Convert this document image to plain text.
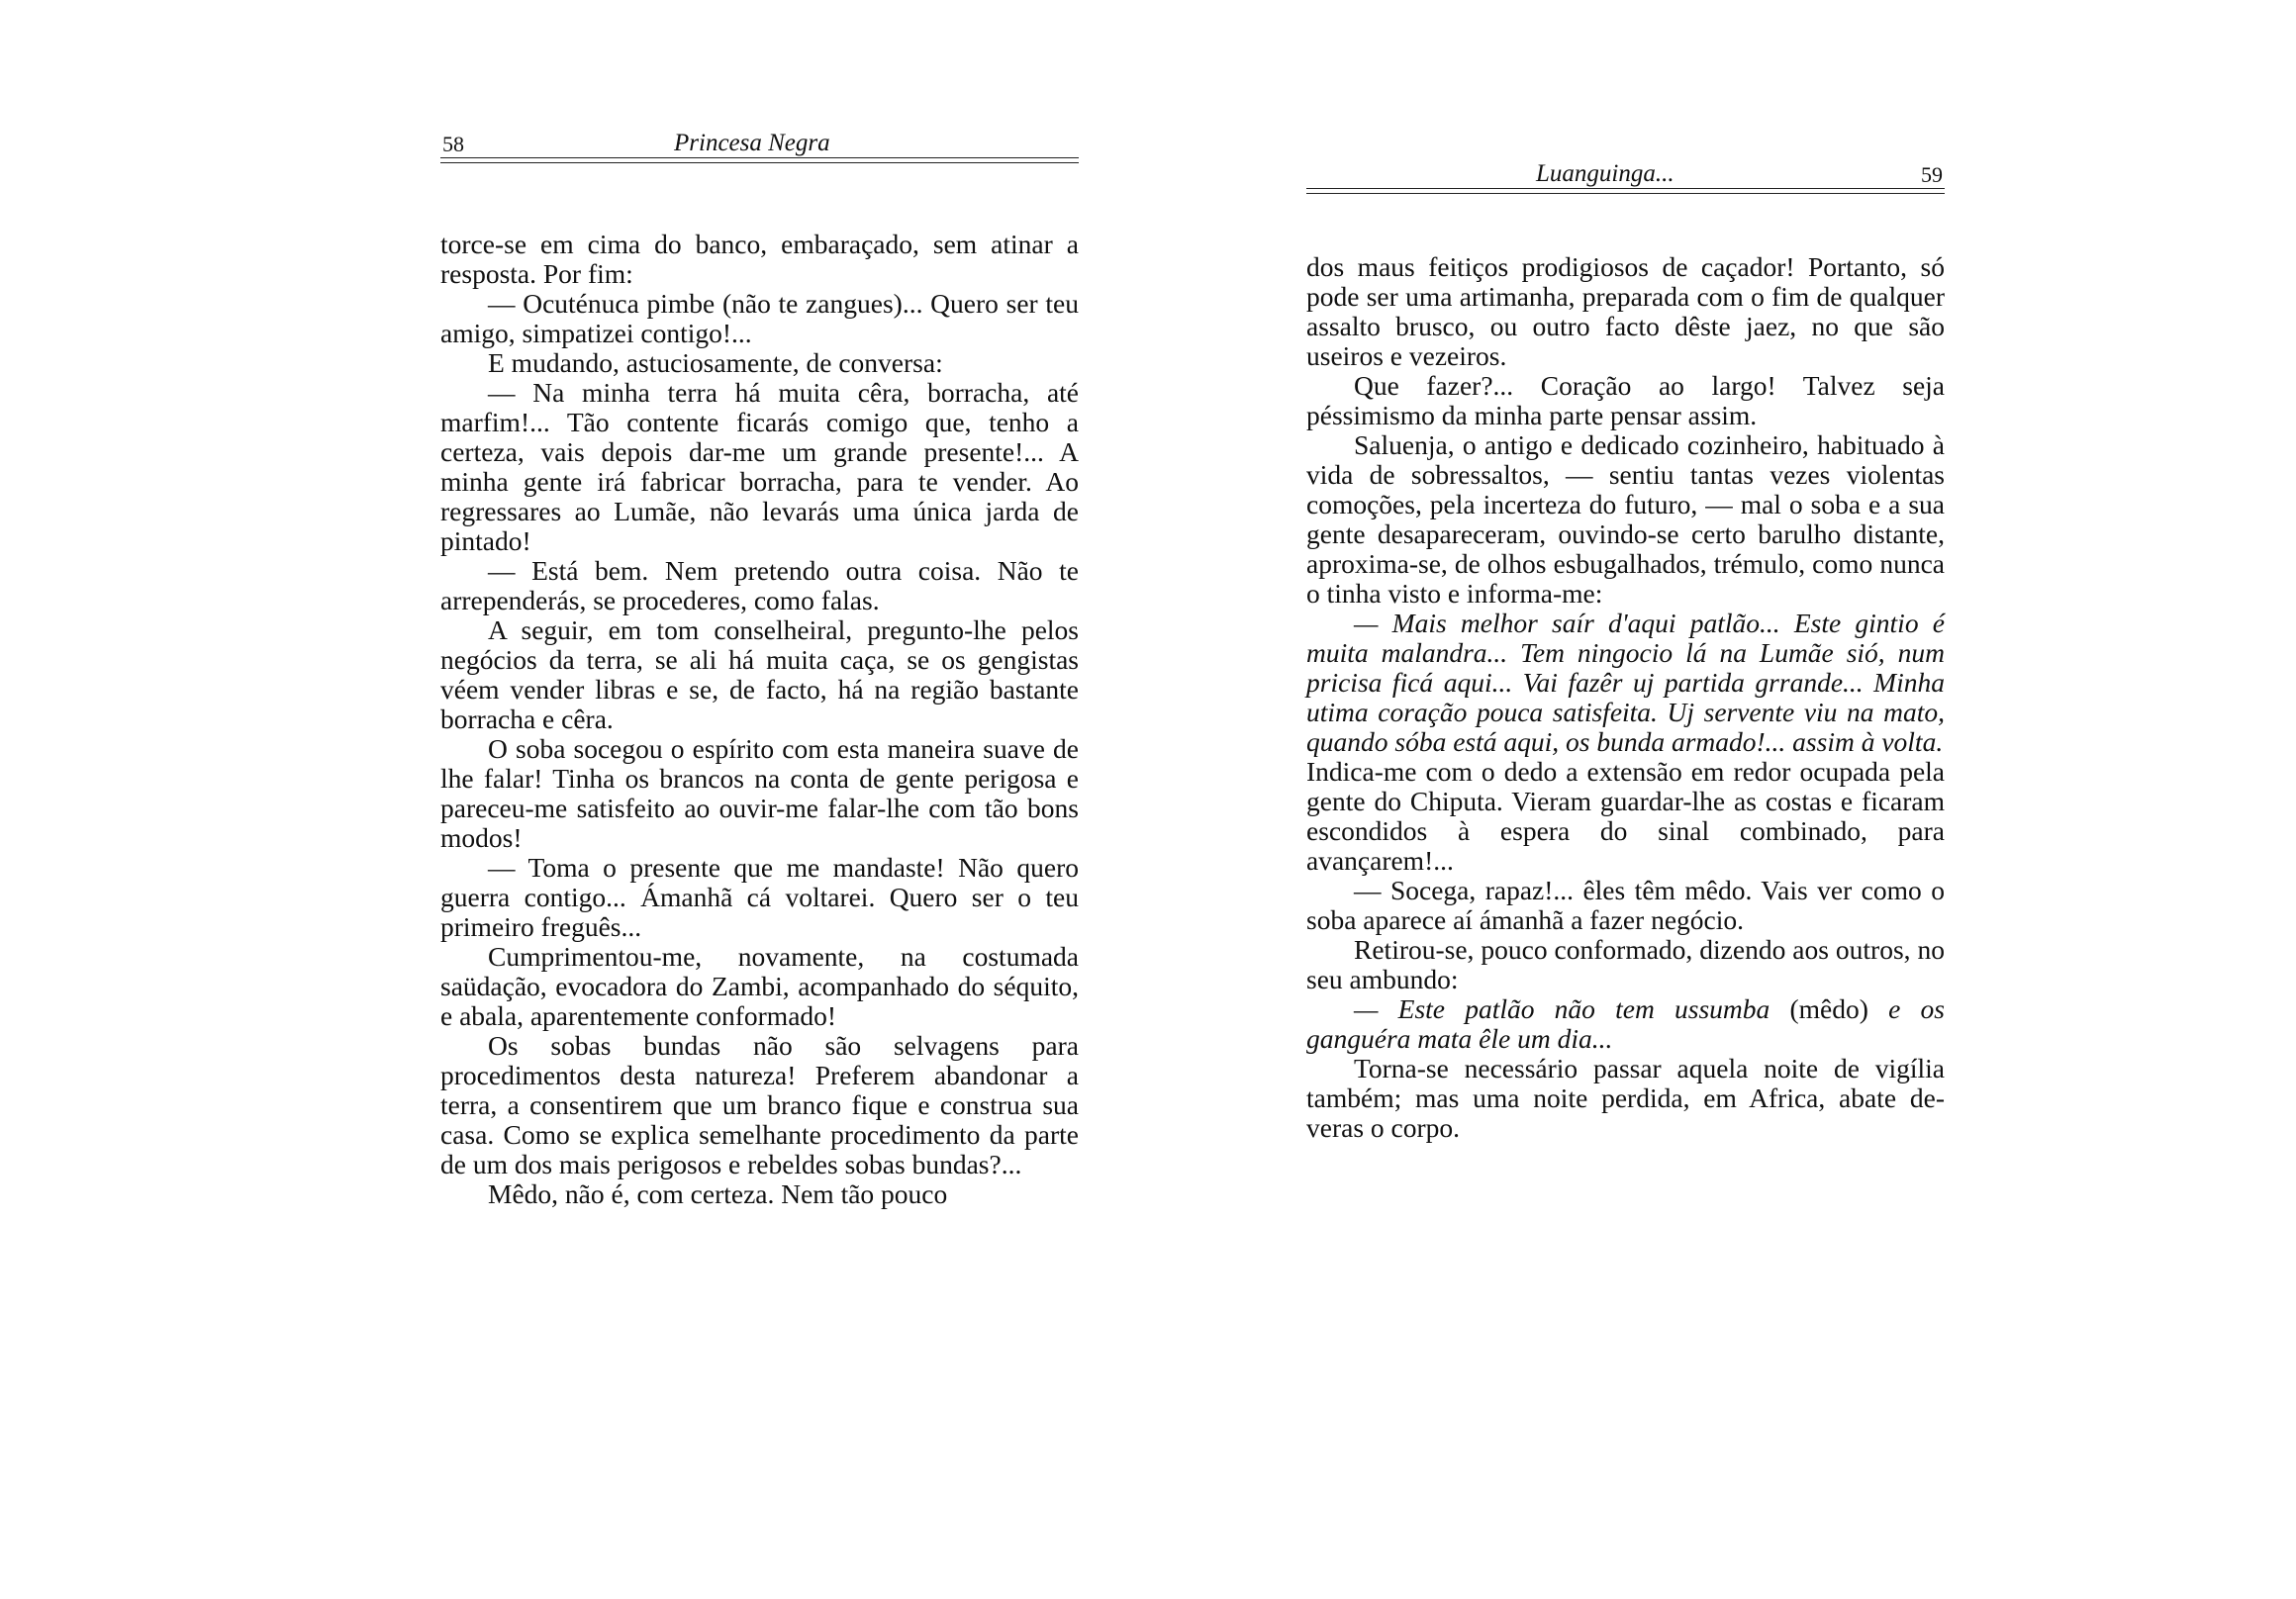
58	Princesa Negra

torce-se em cima do banco, embaraçado, sem atinar a resposta. Por fim:

— Ocuténuca pimbe (não te zangues)... Quero ser teu amigo, simpatizei contigo!...

E mudando, astuciosamente, de conversa:

— Na minha terra há muita cêra, borracha, até marfim!... Tão contente ficarás comigo que, tenho a certeza, vais depois dar-me um grande presente!... A minha gente irá fabricar borracha, para te vender. Ao regressares ao Lumãe, não levarás uma única jarda de pintado!

— Está bem. Nem pretendo outra coisa. Não te arrependerás, se procederes, como falas.

A seguir, em tom conselheiral, preguntо-lhe pelos negócios da terra, se ali há muita caça, se os gengistas véem vender libras e se, de facto, há na região bastante borracha e cêra.

O soba socegou o espírito com esta maneira suave de lhe falar! Tinha os brancos na conta de gente perigosa e pareceu-me satisfeito ao ouvir-me falar-lhe com tão bons modos!

— Toma o presente que me mandaste! Não quero guerra contigo... Ámanhã cá voltarei. Quero ser o teu primeiro freguês...

Cumprimentou-me, novamente, na costumada saüdação, evocadora do Zambi, acompanhado do séquito, e abala, aparentemente conformado!

Os sobas bundas não são selvagens para procedimentos desta natureza! Preferem abandonar a terra, a consentirem que um branco fique e construa sua casa. Como se explica semelhante procedimento da parte de um dos mais perigosos e rebeldes sobas bundas?...

Mêdo, não é, com certeza. Nem tão pouco

Luanguinga...	59

dos maus feitiços prodigiosos de caçador! Portanto, só pode ser uma artimanha, preparada com o fim de qualquer assalto brusco, ou outro facto dêste jaez, no que são useiros e vezeiros.

Que fazer?... Coração ao largo! Talvez seja péssimismo da minha parte pensar assim.

Saluenja, o antigo e dedicado cozinheiro, habituado à vida de sobressaltos, — sentiu tantas vezes violentas comoções, pela incerteza do futuro, — mal o soba e a sua gente desapareceram, ouvindo-se certo barulho distante, aproxima-se, de olhos esbugalhados, trémulo, como nunca o tinha visto e informa-me:

— Mais melhor saír d'aqui patlão... Este gintio é muita malandra... Tem ningocio lá na Lumãe sió, num pricisa ficá aqui... Vai fazêr uj partida grrande... Minha utima coração pouca satisfeita. Uj servente viu na mato, quando sóba está aqui, os bunda armado!... assim à volta.

Indica-me com o dedo a extensão em redor ocupada pela gente do Chiputa. Vieram guardar-lhe as costas e ficaram escondidos à espera do sinal combinado, para avançarem!...

— Socega, rapaz!... êles têm mêdo. Vais ver como o soba aparece aí ámanhã a fazer negócio.

Retirou-se, pouco conformado, dizendo aos outros, no seu ambundo:

— Este patlão não tem ussumba (mêdo) e os ganguéra mata êle um dia...

Torna-se necessário passar aquela noite de vigília também; mas uma noite perdida, em Africa, abate de-veras o corpo.
